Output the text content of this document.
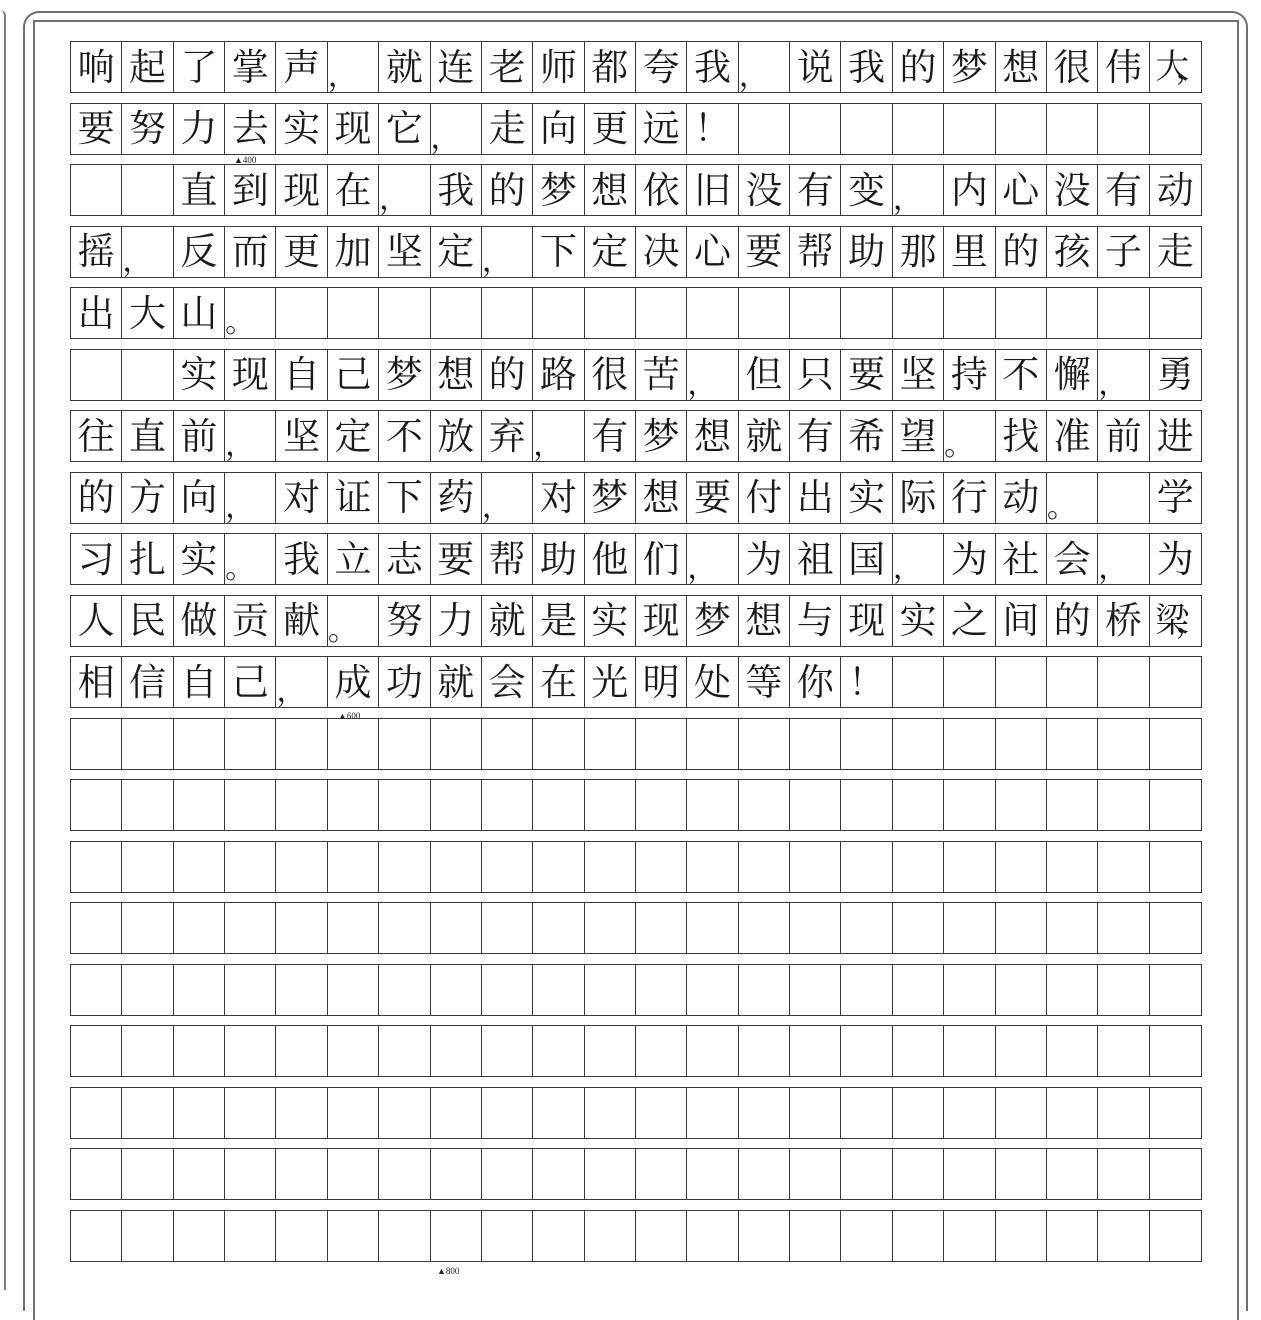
响 起 了 掌 声 ， 就 连 老 师 都 夸 我 ， 说 我 的 梦 想 很 伟 大，
要 努 力 去 实 现 它 ， 走 向 更 远 ！
直 到 现 在 ， 我 的 梦 想 依 旧 没 有 变 ， 内 心 没 有 动
摇 ， 反 而 更 加 坚 定 ， 下 定 决 心 要 帮 助 那 里 的 孩 子 走
出 大 山 。
实 现 自 己 梦 想 的 路 很 苦 ， 但 只 要 坚 持 不 懈 ， 勇
往 直 前 ， 坚 定 不 放 弃 ， 有 梦 想 就 有 希 望 。 找 准 前 进
的 方 向 ， 对 证 下 药 ， 对 梦 想 要 付 出 实 际 行 动 。	学
习 扎 实 。 我 立 志 要 帮 助 他 们 ， 为 祖 国 ， 为 社 会 ， 为
人 民 做 贡 献 。 努 力 就 是 实 现 梦 想 与 现 实 之 间 的 桥 梁，
相 信 自 己 ， 成 功 就 会 在 光 明 处 等 你 ！
▲400
▲600
▲800
